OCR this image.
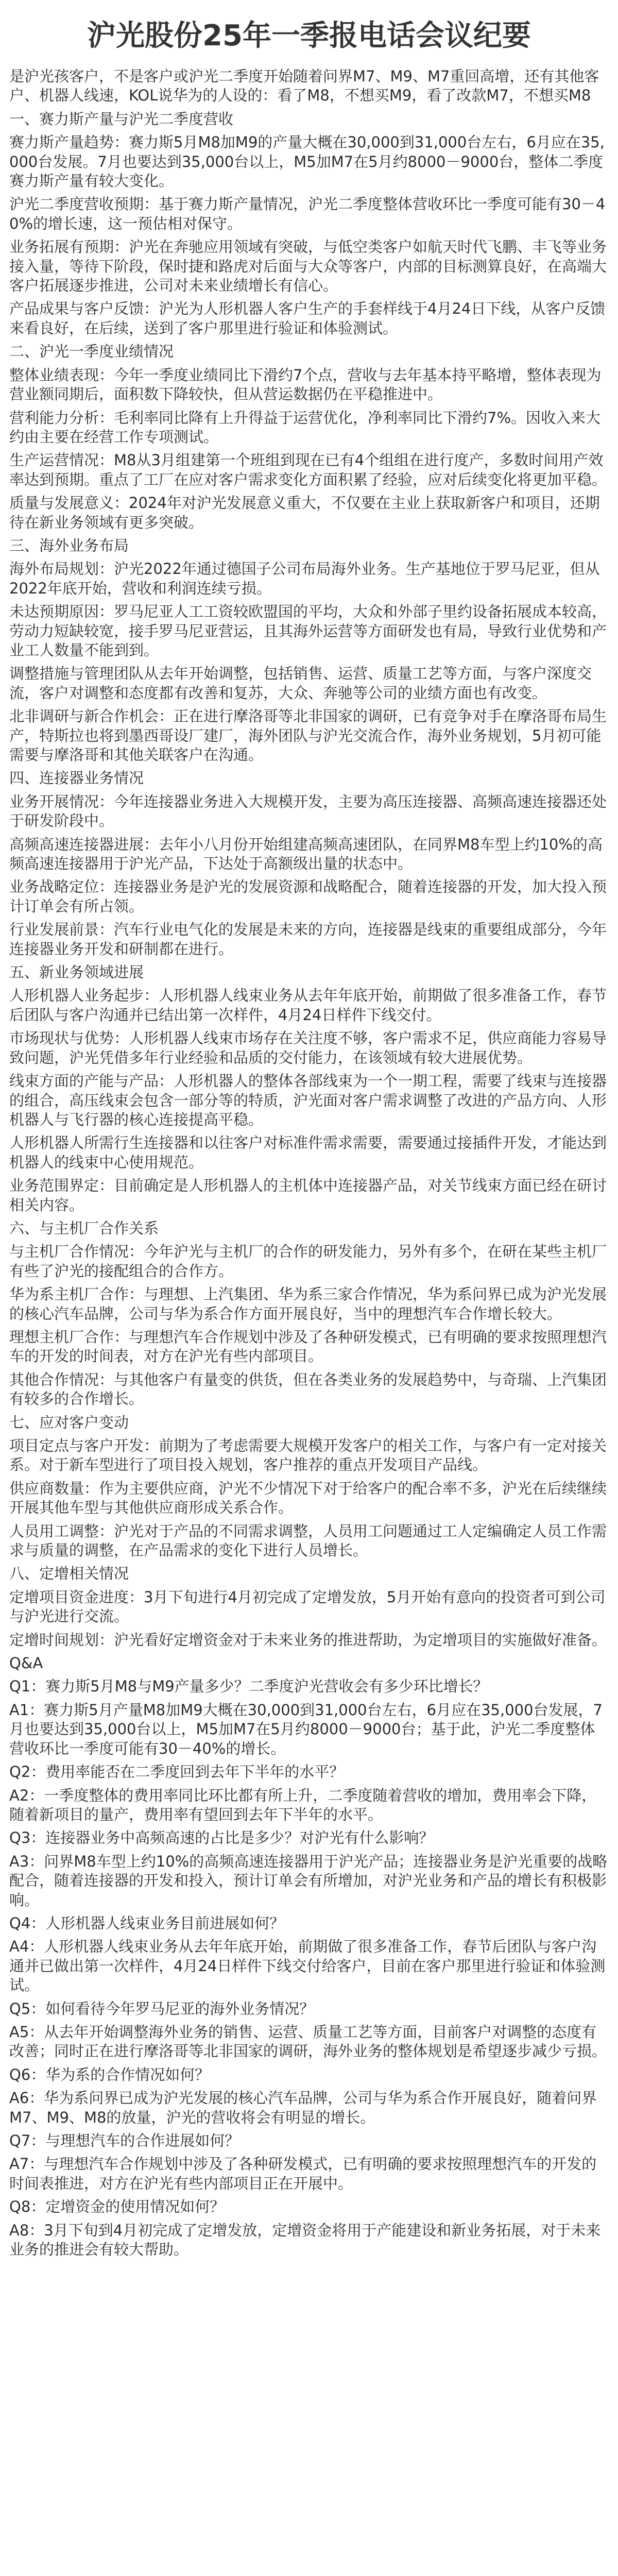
沪光股份25年一季报电话会议纪要

是沪光孩客户，不是客户或沪光二季度开始随着问界M7、M9、M7重回高增，还有其他客户、机器人线速，KOL说华为的人设的：看了M8，不想买M9，看了改款M7，不想买M8

一、赛力斯产量与沪光二季度营收

赛力斯产量趋势：赛力斯5月M8加M9的产量大概在30,000到31,000台左右，6月应在35,000台发展。7月也要达到35,000台以上，M5加M7在5月约8000－9000台，整体二季度赛力斯产量有较大变化。

沪光二季度营收预期：基于赛力斯产量情况，沪光二季度整体营收环比一季度可能有30－40%的增长速，这一预估相对保守。

业务拓展有预期：沪光在奔驰应用领域有突破，与低空类客户如航天时代飞鹏、丰飞等业务接入量，等待下阶段，保时捷和路虎对后面与大众等客户，内部的目标测算良好，在高端大客户拓展逐步推进，公司对未来业绩增长有信心。

产品成果与客户反馈：沪光为人形机器人客户生产的手套样线于4月24日下线，从客户反馈来看良好，在后续，送到了客户那里进行验证和体验测试。

二、沪光一季度业绩情况

整体业绩表现：今年一季度业绩同比下滑约7个点，营收与去年基本持平略增，整体表现为营业额同期后，面积数下降较快，但从营运数据仍在平稳推进中。

营利能力分析：毛利率同比降有上升得益于运营优化，净利率同比下滑约7%。因收入来大约由主要在经营工作专项测试。

生产运营情况：M8从3月组建第一个班组到现在已有4个组组在进行度产，多数时间用产效率达到预期。重点了工厂在应对客户需求变化方面积累了经验，应对后续变化将更加平稳。

质量与发展意义：2024年对沪光发展意义重大，不仅要在主业上获取新客户和项目，还期待在新业务领域有更多突破。

三、海外业务布局

海外布局规划：沪光2022年通过德国子公司布局海外业务。生产基地位于罗马尼亚，但从2022年底开始，营收和利润连续亏损。

未达预期原因：罗马尼亚人工工资较欧盟国的平均，大众和外部子里约设备拓展成本较高，劳动力短缺较宽，接手罗马尼亚营运，且其海外运营等方面研发也有局，导致行业优势和产业工人数量不能到到。

调整措施与管理团队从去年开始调整，包括销售、运营、质量工艺等方面，与客户深度交流，客户对调整和态度都有改善和复苏，大众、奔驰等公司的业绩方面也有改变。

北非调研与新合作机会：正在进行摩洛哥等北非国家的调研，已有竞争对手在摩洛哥布局生产，特斯拉也将到墨西哥设厂建厂，海外团队与沪光交流合作，海外业务规划，5月初可能需要与摩洛哥和其他关联客户在沟通。

四、连接器业务情况

业务开展情况：今年连接器业务进入大规模开发，主要为高压连接器、高频高速连接器还处于研发阶段中。

高频高速连接器进展：去年小八月份开始组建高频高速团队，在同界M8车型上约10%的高频高速连接器用于沪光产品，下达处于高额级出量的状态中。

业务战略定位：连接器业务是沪光的发展资源和战略配合，随着连接器的开发，加大投入预计订单会有所占领。

行业发展前景：汽车行业电气化的发展是未来的方向，连接器是线束的重要组成部分，今年连接器业务开发和研制都在进行。

五、新业务领域进展

人形机器人业务起步：人形机器人线束业务从去年年底开始，前期做了很多准备工作，春节后团队与客户沟通并已结出第一次样件，4月24日样件下线交付。

市场现状与优势：人形机器人线束市场存在关注度不够，客户需求不足，供应商能力容易导致问题，沪光凭借多年行业经验和品质的交付能力，在该领域有较大进展优势。

线束方面的产能与产品：人形机器人的整体各部线束为一个一期工程，需要了线束与连接器的组合，高压线束会包含一部分等的特质，沪光面对客户需求调整了改进的产品方向、人形机器人与飞行器的核心连接提高平稳。

人形机器人所需行生连接器和以往客户对标准件需求需要，需要通过接插件开发，才能达到机器人的线束中心使用规范。

业务范围界定：目前确定是人形机器人的主机体中连接器产品，对关节线束方面已经在研讨相关内容。

六、与主机厂合作关系

与主机厂合作情况：今年沪光与主机厂的合作的研发能力，另外有多个，在研在某些主机厂有些了沪光的接配组合的合作方。

华为系主机厂合作：与理想、上汽集团、华为系三家合作情况，华为系问界已成为沪光发展的核心汽车品牌，公司与华为系合作方面开展良好，当中的理想汽车合作增长较大。

理想主机厂合作：与理想汽车合作规划中涉及了各种研发模式，已有明确的要求按照理想汽车的开发的时间表，对方在沪光有些内部项目。

其他合作情况：与其他客户有量变的供货，但在各类业务的发展趋势中，与奇瑞、上汽集团有较多的合作增长。

七、应对客户变动

项目定点与客户开发：前期为了考虑需要大规模开发客户的相关工作，与客户有一定对接关系。对于新车型进行了项目投入规划，客户推荐的重点开发项目产品线。

供应商数量：作为主要供应商，沪光不少情况下对于给客户的配合率不多，沪光在后续继续开展其他车型与其他供应商形成关系合作。

人员用工调整：沪光对于产品的不同需求调整，人员用工问题通过工人定编确定人员工作需求与质量的调整，在产品需求的变化下进行人员增长。

八、定增相关情况

定增项目资金进度：3月下旬进行4月初完成了定增发放，5月开始有意向的投资者可到公司与沪光进行交流。

定增时间规划：沪光看好定增资金对于未来业务的推进帮助，为定增项目的实施做好准备。

Q&A

Q1：赛力斯5月M8与M9产量多少？二季度沪光营收会有多少环比增长？

A1：赛力斯5月产量M8加M9大概在30,000到31,000台左右，6月应在35,000台发展，7月也要达到35,000台以上，M5加M7在5月约8000－9000台；基于此，沪光二季度整体营收环比一季度可能有30－40%的增长。

Q2：费用率能否在二季度回到去年下半年的水平？

A2：一季度整体的费用率同比环比都有所上升，二季度随着营收的增加，费用率会下降，随着新项目的量产，费用率有望回到去年下半年的水平。

Q3：连接器业务中高频高速的占比是多少？对沪光有什么影响？

A3：问界M8车型上约10%的高频高速连接器用于沪光产品；连接器业务是沪光重要的战略配合，随着连接器的开发和投入，预计订单会有所增加，对沪光业务和产品的增长有积极影响。

Q4：人形机器人线束业务目前进展如何？

A4：人形机器人线束业务从去年年底开始，前期做了很多准备工作，春节后团队与客户沟通并已做出第一次样件，4月24日样件下线交付给客户，目前在客户那里进行验证和体验测试。

Q5：如何看待今年罗马尼亚的海外业务情况？

A5：从去年开始调整海外业务的销售、运营、质量工艺等方面，目前客户对调整的态度有改善；同时正在进行摩洛哥等北非国家的调研，海外业务的整体规划是希望逐步减少亏损。

Q6：华为系的合作情况如何？

A6：华为系问界已成为沪光发展的核心汽车品牌，公司与华为系合作开展良好，随着问界M7、M9、M8的放量，沪光的营收将会有明显的增长。

Q7：与理想汽车的合作进展如何？

A7：与理想汽车合作规划中涉及了各种研发模式，已有明确的要求按照理想汽车的开发的时间表推进，对方在沪光有些内部项目正在开展中。

Q8：定增资金的使用情况如何？

A8：3月下旬到4月初完成了定增发放，定增资金将用于产能建设和新业务拓展，对于未来业务的推进会有较大帮助。
